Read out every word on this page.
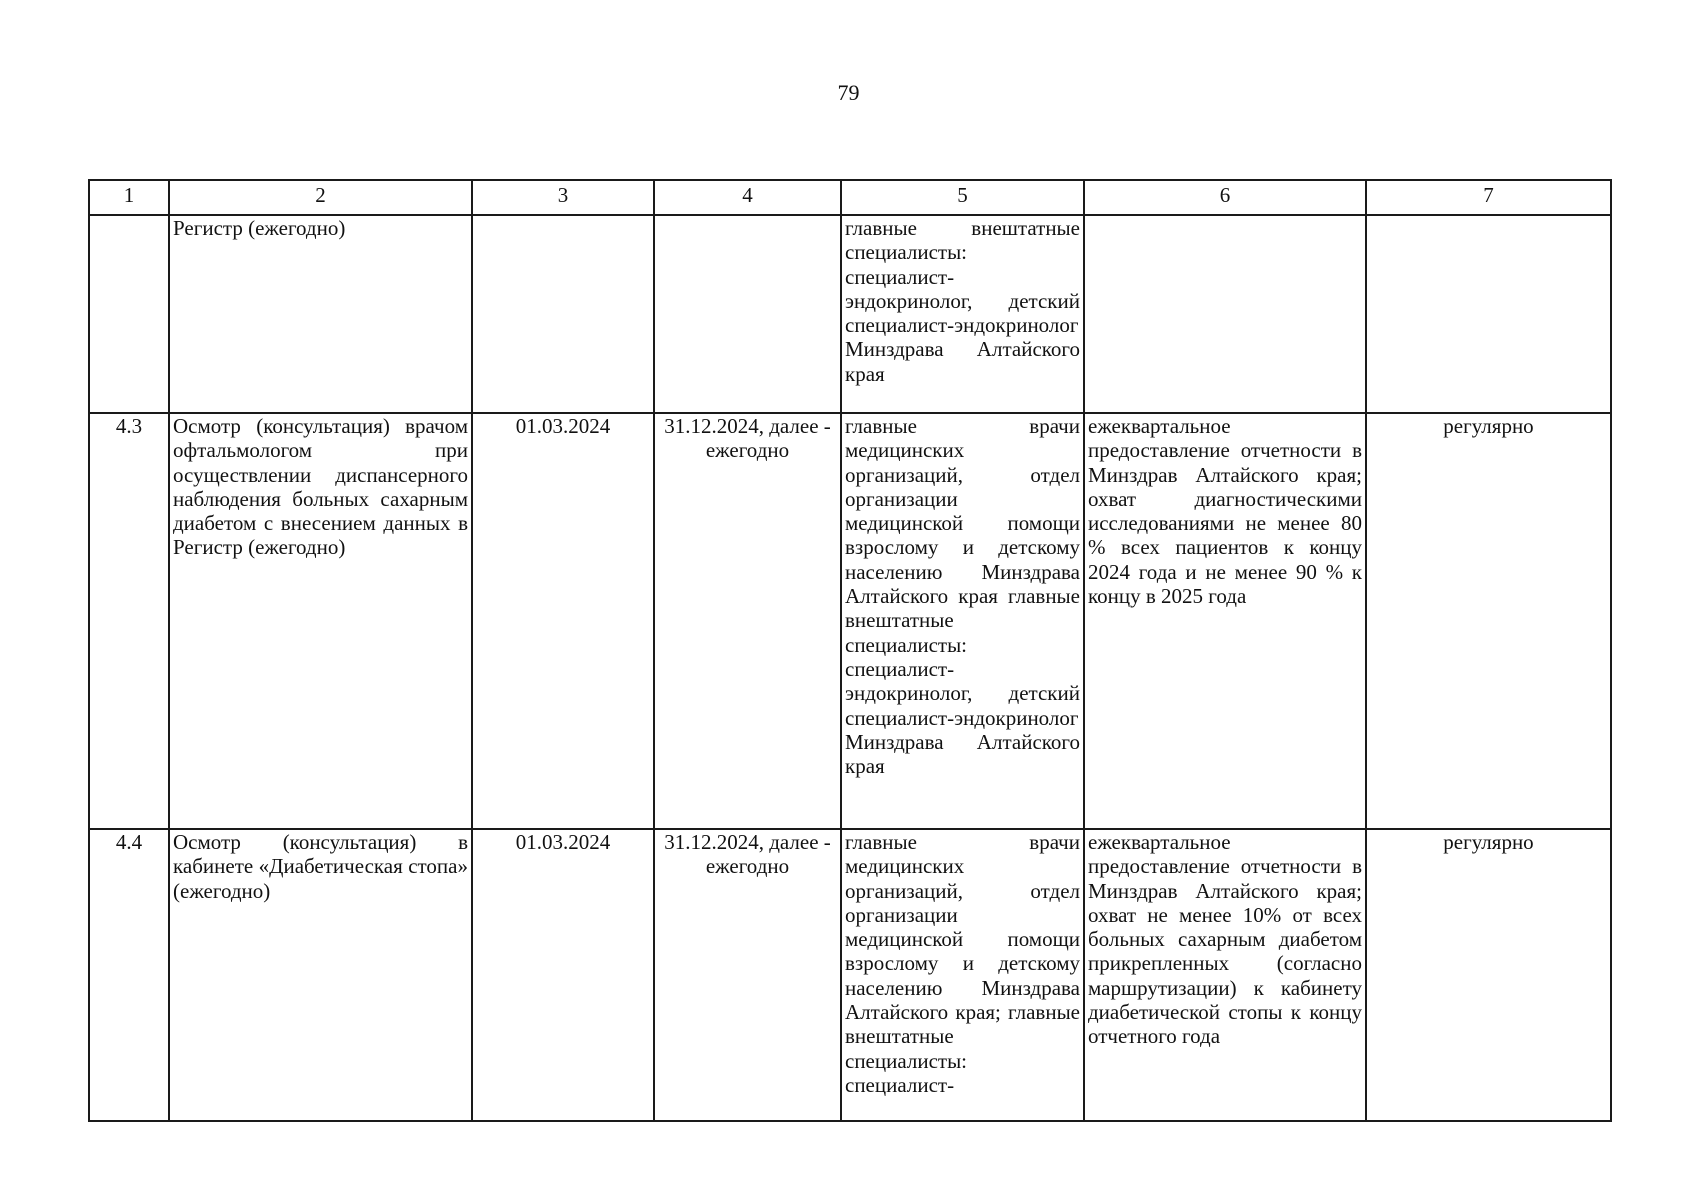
79
1	2	3	4	5	6	7
	Регистр (ежегодно)			главные внештатные специалисты: специалист-эндокринолог, детский специалист-эндокринолог Минздрава Алтайского края		
4.3	Осмотр (консультация) врачом офтальмологом при осуществлении диспансерного наблюдения больных сахарным диабетом с внесением данных в Регистр (ежегодно)	01.03.2024	31.12.2024, далее - ежегодно	главные врачи медицинских организаций, отдел организации медицинской помощи взрослому и детскому населению Минздрава Алтайского края главные внештатные специалисты: специалист-эндокринолог, детский специалист-эндокринолог Минздрава Алтайского края	ежеквартальное предоставление отчетности в Минздрав Алтайского края; охват диагностическими исследованиями не менее 80 % всех пациентов к концу 2024 года и не менее 90 % к концу в 2025 года	регулярно
4.4	Осмотр (консультация) в кабинете «Диабетическая стопа» (ежегодно)	01.03.2024	31.12.2024, далее - ежегодно	главные врачи медицинских организаций, отдел организации медицинской помощи взрослому и детскому населению Минздрава Алтайского края; главные внештатные специалисты: специалист-	ежеквартальное предоставление отчетности в Минздрав Алтайского края; охват не менее 10% от всех больных сахарным диабетом прикрепленных (согласно маршрутизации) к кабинету диабетической стопы к концу отчетного года	регулярно
